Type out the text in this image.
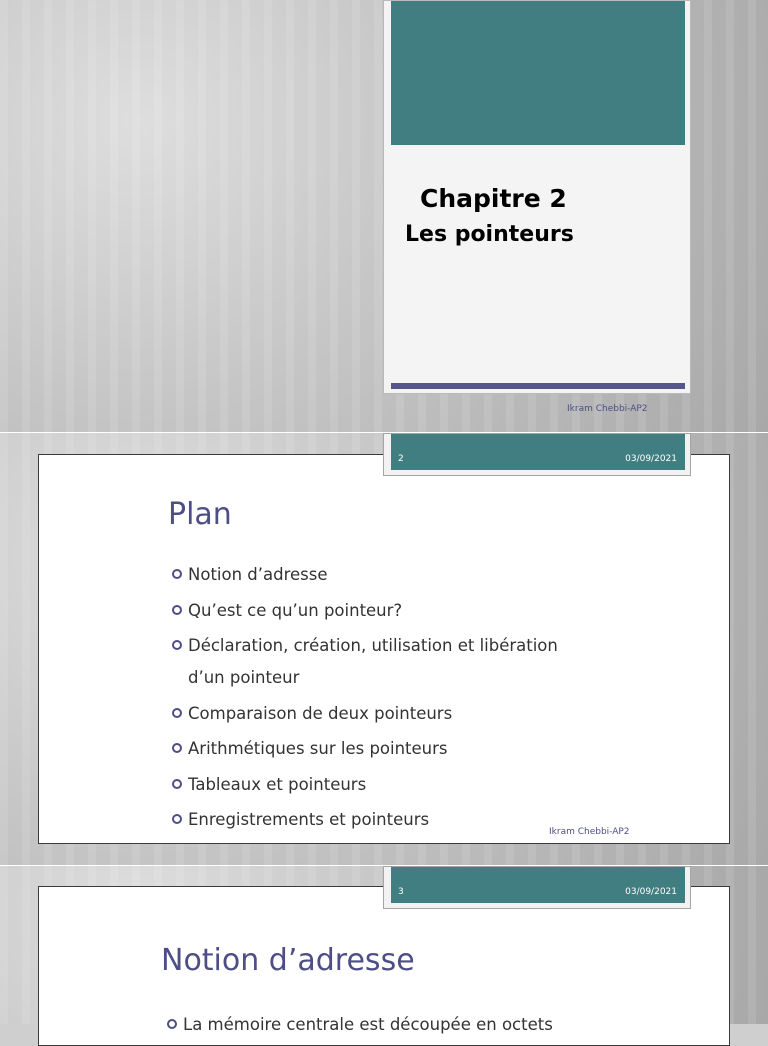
Chapitre 2
Les pointeurs
Ikram Chebbi-AP2
Plan
Notion d’adresse
Qu’est ce qu’un pointeur?
Déclaration, création, utilisation et libération d’un pointeur
Comparaison de deux pointeurs
Arithmétiques sur les pointeurs
Tableaux et pointeurs
Enregistrements et pointeurs
Ikram Chebbi-AP2
2	03/09/2021
Notion d’adresse
La mémoire centrale est découpée en octets
3	03/09/2021
